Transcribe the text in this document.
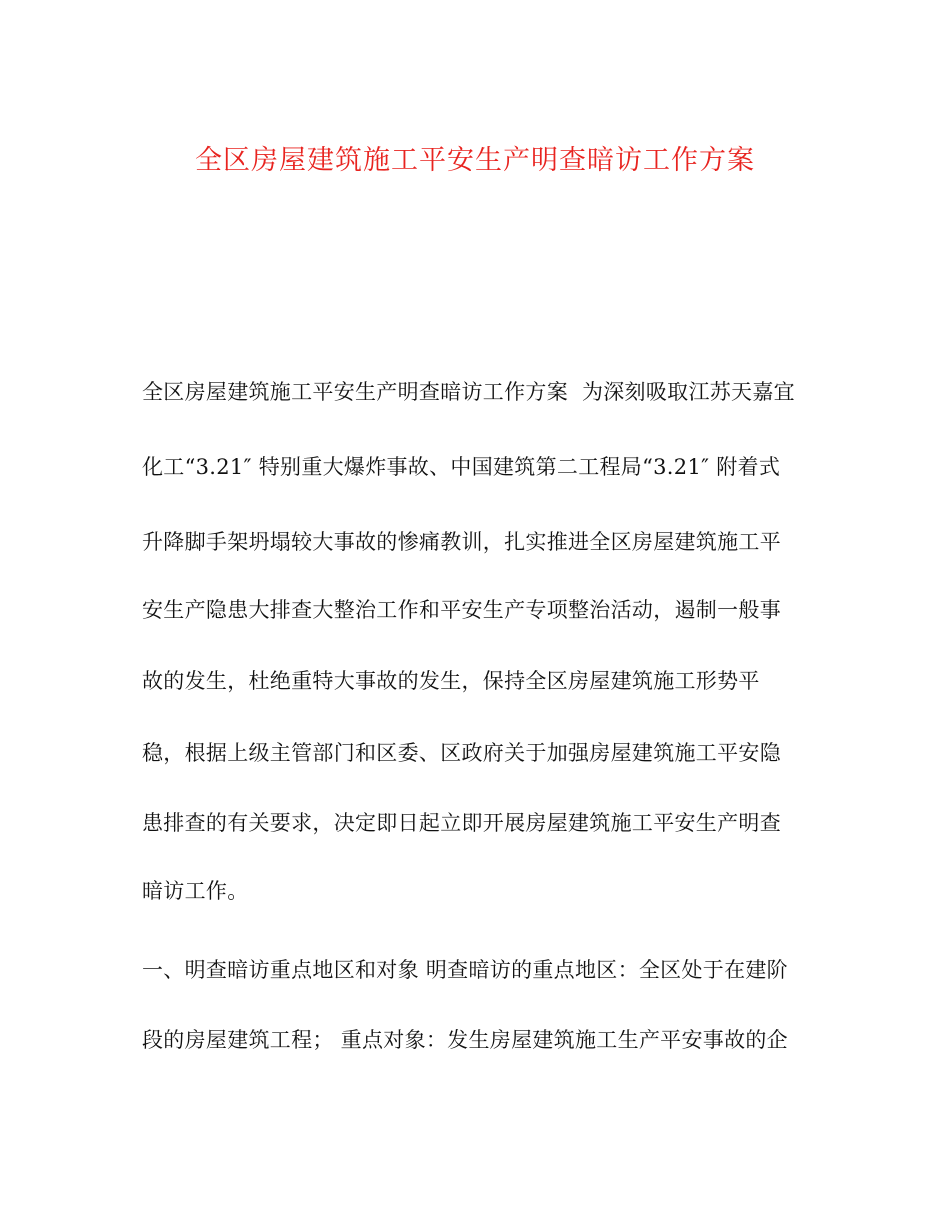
全区房屋建筑施工平安生产明查暗访工作方案
全区房屋建筑施工平安生产明查暗访工作方案  为深刻吸取江苏天嘉宜
化工“3.21″ 特别重大爆炸事故、中国建筑第二工程局“3.21″ 附着式
升降脚手架坍塌较大事故的惨痛教训，扎实推进全区房屋建筑施工平
安生产隐患大排查大整治工作和平安生产专项整治活动，遏制一般事
故的发生，杜绝重特大事故的发生，保持全区房屋建筑施工形势平
稳，根据上级主管部门和区委、区政府关于加强房屋建筑施工平安隐
患排查的有关要求，决定即日起立即开展房屋建筑施工平安生产明查
暗访工作。
一、明查暗访重点地区和对象 明查暗访的重点地区：全区处于在建阶
段的房屋建筑工程； 重点对象：发生房屋建筑施工生产平安事故的企
